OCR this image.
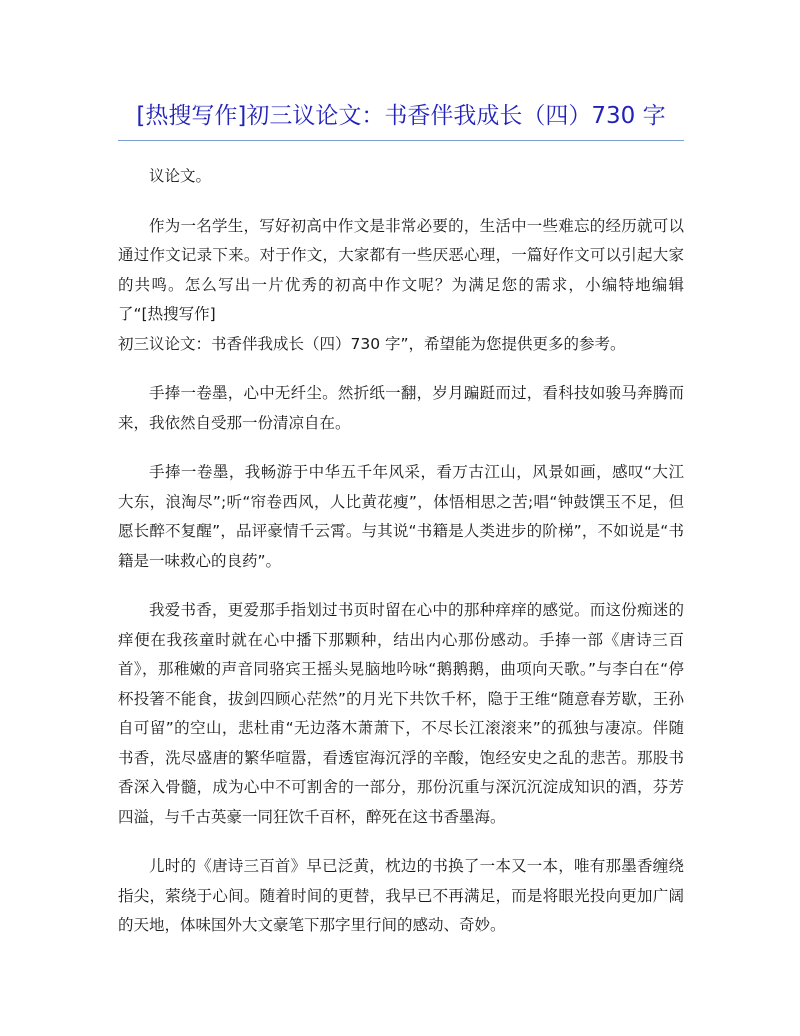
[热搜写作]初三议论文：书香伴我成长（四）730 字

议论文。

作为一名学生，写好初高中作文是非常必要的，生活中一些难忘的经历就可以通过作文记录下来。对于作文，大家都有一些厌恶心理，一篇好作文可以引起大家的共鸣。怎么写出一片优秀的初高中作文呢？为满足您的需求，小编特地编辑了“[热搜写作]

初三议论文：书香伴我成长（四）730 字”，希望能为您提供更多的参考。

手捧一卷墨，心中无纤尘。然折纸一翻，岁月蹁跹而过，看科技如骏马奔腾而来，我依然自受那一份清凉自在。

手捧一卷墨，我畅游于中华五千年风采，看万古江山，风景如画，感叹“大江大东，浪淘尽”;听“帘卷西风，人比黄花瘦”，体悟相思之苦;唱“钟鼓馔玉不足，但愿长醉不复醒”，品评豪情千云霄。与其说“书籍是人类进步的阶梯”，不如说是“书籍是一味救心的良药”。

我爱书香，更爱那手指划过书页时留在心中的那种痒痒的感觉。而这份痴迷的痒便在我孩童时就在心中播下那颗种，结出内心那份感动。手捧一部《唐诗三百首》，那稚嫩的声音同骆宾王摇头晃脑地吟咏“鹅鹅鹅，曲项向天歌。”与李白在“停杯投箸不能食，拔剑四顾心茫然”的月光下共饮千杯，隐于王维“随意春芳歇，王孙自可留”的空山，悲杜甫“无边落木萧萧下，不尽长江滚滚来”的孤独与凄凉。伴随书香，洗尽盛唐的繁华喧嚣，看透宦海沉浮的辛酸，饱经安史之乱的悲苦。那股书香深入骨髓，成为心中不可割舍的一部分，那份沉重与深沉沉淀成知识的酒，芬芳四溢，与千古英豪一同狂饮千百杯，醉死在这书香墨海。

儿时的《唐诗三百首》早已泛黄，枕边的书换了一本又一本，唯有那墨香缠绕指尖，萦绕于心间。随着时间的更替，我早已不再满足，而是将眼光投向更加广阔的天地，体味国外大文豪笔下那字里行间的感动、奇妙。
